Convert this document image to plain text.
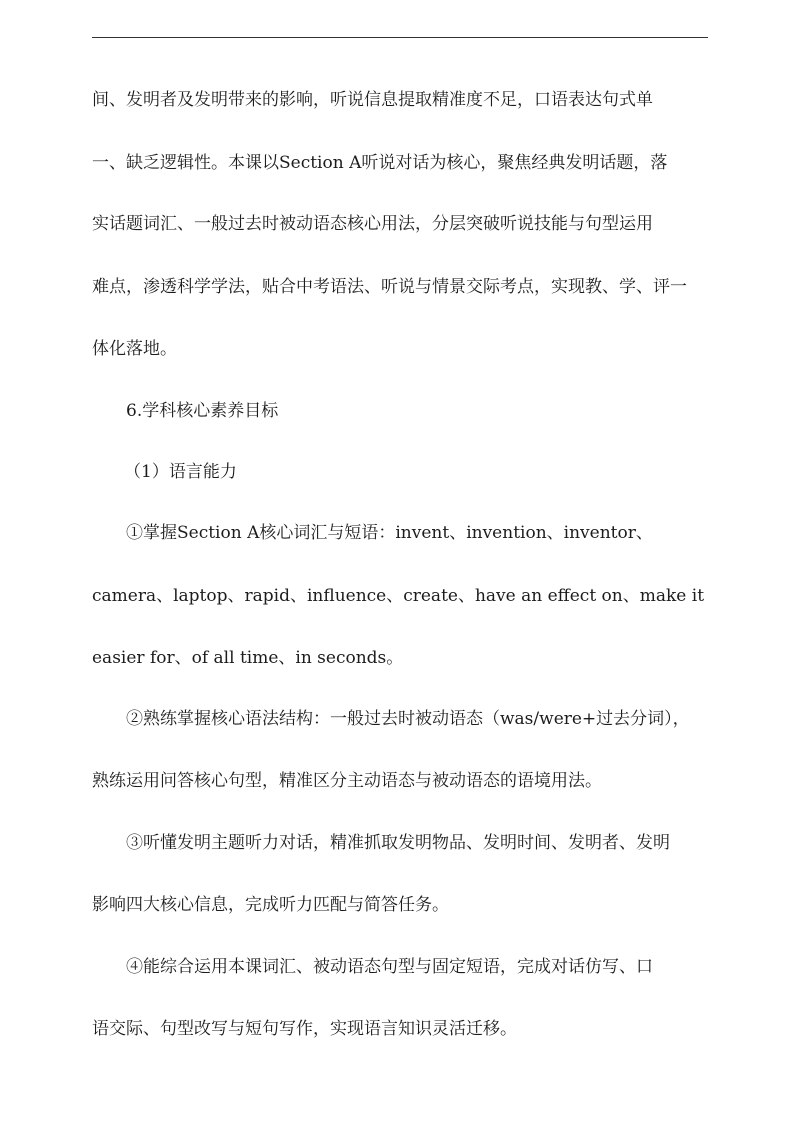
间、发明者及发明带来的影响，听说信息提取精准度不足，口语表达句式单
一、缺乏逻辑性。本课以Section A听说对话为核心，聚焦经典发明话题，落
实话题词汇、一般过去时被动语态核心用法，分层突破听说技能与句型运用
难点，渗透科学学法，贴合中考语法、听说与情景交际考点，实现教、学、评一
体化落地。
6.学科核心素养目标
（1）语言能力
①掌握Section A核心词汇与短语：invent、invention、inventor、
camera、laptop、rapid、influence、create、have an effect on、make it
easier for、of all time、in seconds。
②熟练掌握核心语法结构：一般过去时被动语态（was/were+过去分词），
熟练运用问答核心句型，精准区分主动语态与被动语态的语境用法。
③听懂发明主题听力对话，精准抓取发明物品、发明时间、发明者、发明
影响四大核心信息，完成听力匹配与简答任务。
④能综合运用本课词汇、被动语态句型与固定短语，完成对话仿写、口
语交际、句型改写与短句写作，实现语言知识灵活迁移。
